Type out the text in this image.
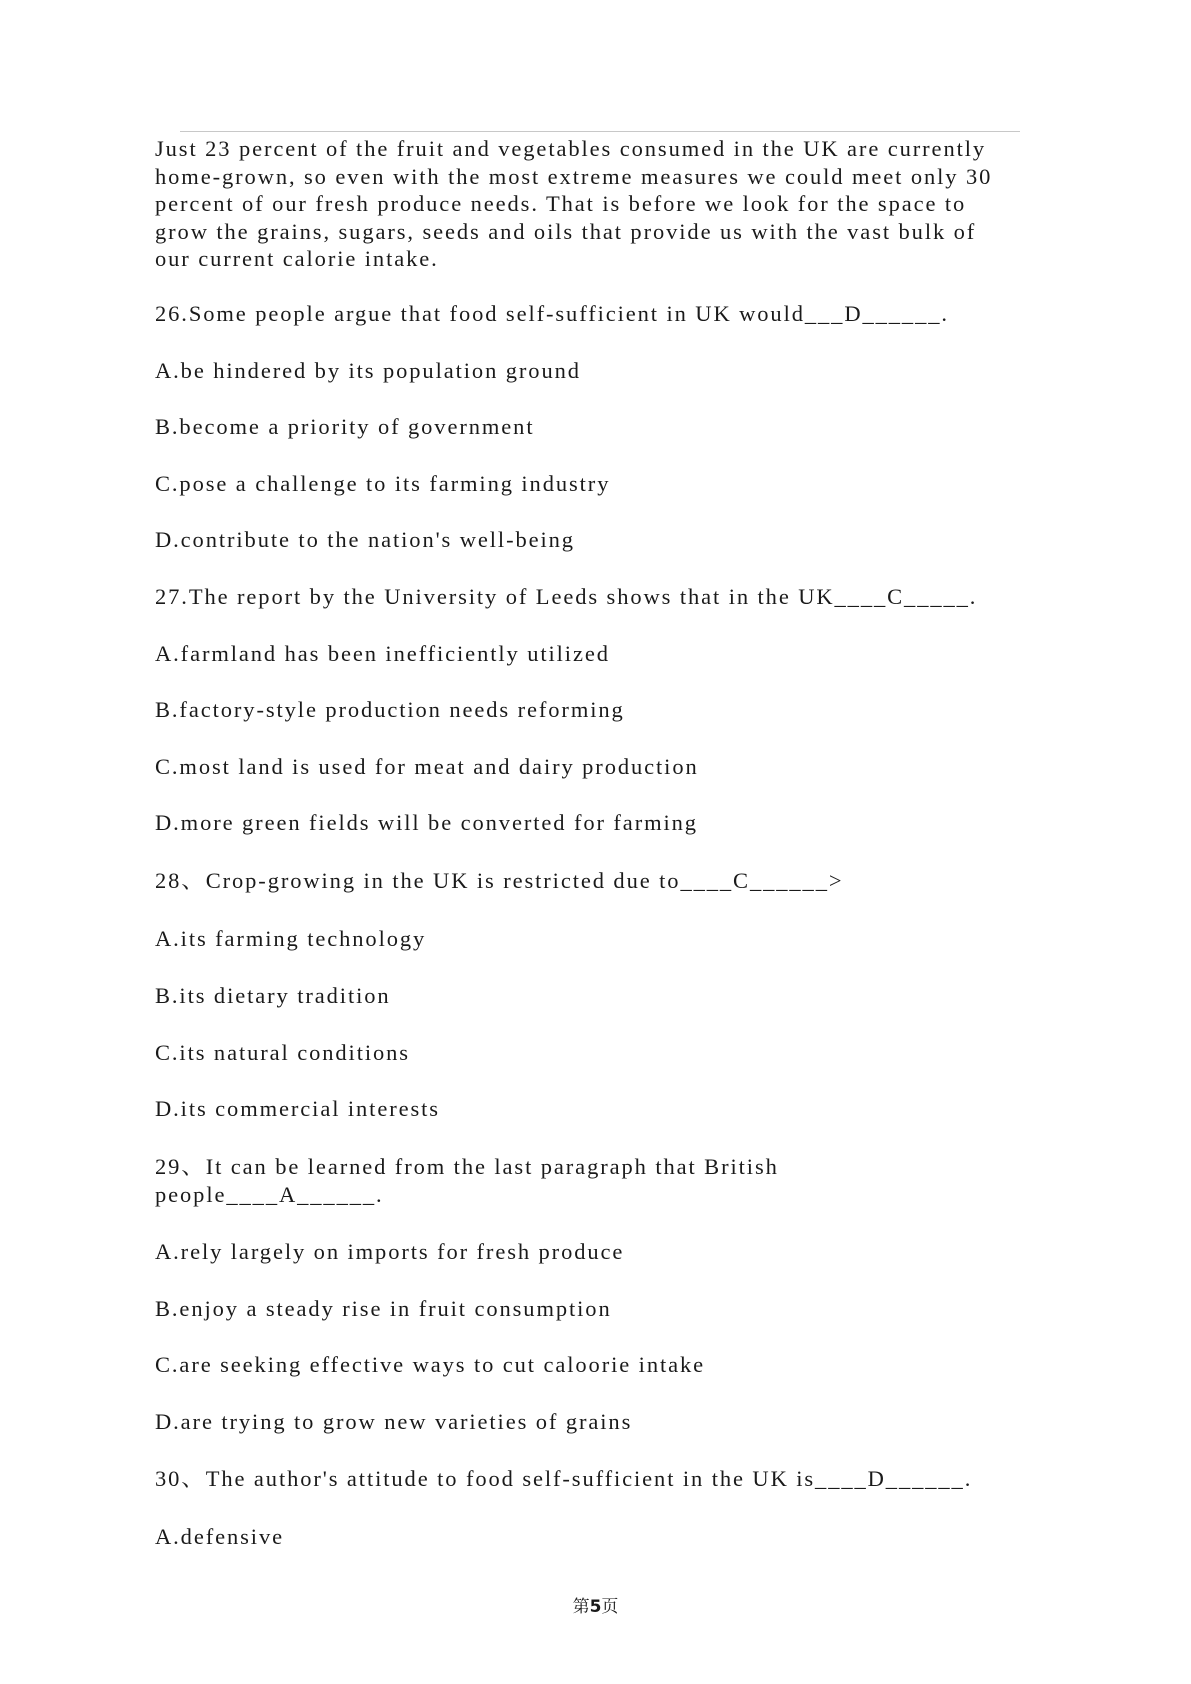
Just 23 percent of the fruit and vegetables consumed in the UK are currently
home-grown, so even with the most extreme measures we could meet only 30
percent of our fresh produce needs. That is before we look for the space to
grow the grains, sugars, seeds and oils that provide us with the vast bulk of
our current calorie intake.
26.Some people argue that food self-sufficient in UK would___D______.
A.be hindered by its population ground
B.become a priority of government
C.pose a challenge to its farming industry
D.contribute to the nation's well-being
27.The report by the University of Leeds shows that in the UK____C_____.
A.farmland has been inefficiently utilized
B.factory-style production needs reforming
C.most land is used for meat and dairy production
D.more green fields will be converted for farming
28、Crop-growing in the UK is restricted due to____C______>
A.its farming technology
B.its dietary tradition
C.its natural conditions
D.its commercial interests
29、It can be learned from the last paragraph that British
people____A______.
A.rely largely on imports for fresh produce
B.enjoy a steady rise in fruit consumption
C.are seeking effective ways to cut caloorie intake
D.are trying to grow new varieties of grains
30、The author's attitude to food self-sufficient in the UK is____D______.
A.defensive
第5页
